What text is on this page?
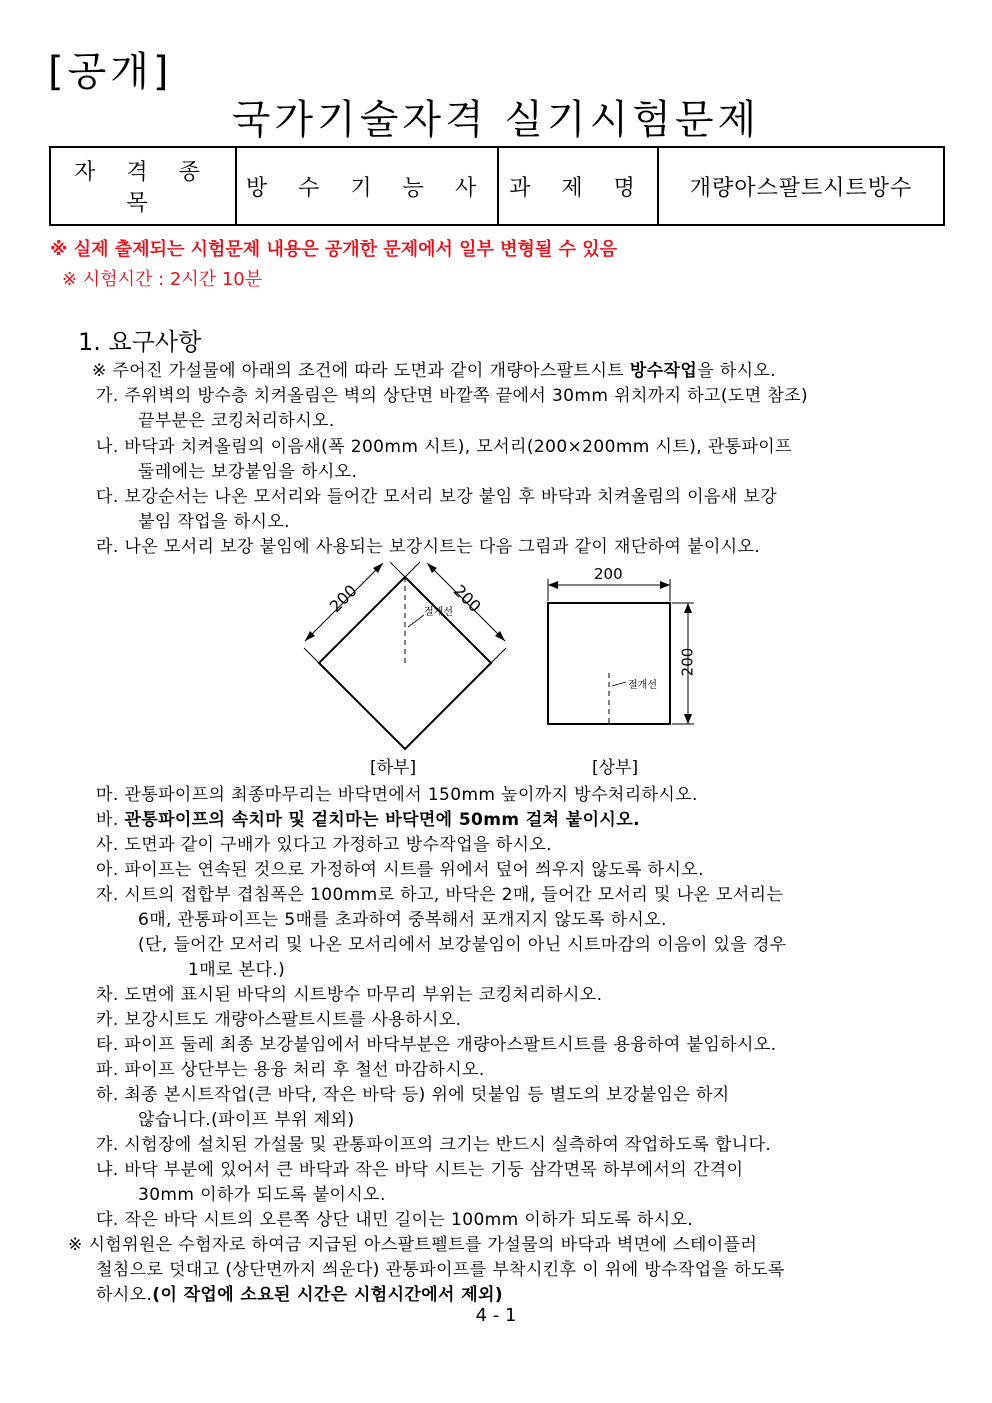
[공개]
국가기술자격 실기시험문제
자 격 종 목	방 수 기 능 사	과 제 명	개량아스팔트시트방수
※ 실제 출제되는 시험문제 내용은 공개한 문제에서 일부 변형될 수 있음
※ 시험시간 : 2시간 10분
1. 요구사항
※ 주어진 가설물에 아래의 조건에 따라 도면과 같이 개량아스팔트시트 방수작업을 하시오.
가. 주위벽의 방수층 치켜올림은 벽의 상단면 바깥쪽 끝에서 30mm 위치까지 하고(도면 참조)
끝부분은 코킹처리하시오.
나. 바닥과 치켜올림의 이음새(폭 200mm 시트), 모서리(200×200mm 시트), 관통파이프
둘레에는 보강붙임을 하시오.
다. 보강순서는 나온 모서리와 들어간 모서리 보강 붙임 후 바닥과 치켜올림의 이음새 보강
붙임 작업을 하시오.
라. 나온 모서리 보강 붙임에 사용되는 보강시트는 다음 그림과 같이 재단하여 붙이시오.
200	200
절개선
200
200
절개선
[하부]	[상부]
마. 관통파이프의 최종마무리는 바닥면에서 150mm 높이까지 방수처리하시오.
바. 관통파이프의 속치마 및 겉치마는 바닥면에 50mm 걸쳐 붙이시오.
사. 도면과 같이 구배가 있다고 가정하고 방수작업을 하시오.
아. 파이프는 연속된 것으로 가정하여 시트를 위에서 덮어 씌우지 않도록 하시오.
자. 시트의 접합부 겹침폭은 100mm로 하고, 바닥은 2매, 들어간 모서리 및 나온 모서리는
6매, 관통파이프는 5매를 초과하여 중복해서 포개지지 않도록 하시오.
(단, 들어간 모서리 및 나온 모서리에서 보강붙임이 아닌 시트마감의 이음이 있을 경우
1매로 본다.)
차. 도면에 표시된 바닥의 시트방수 마무리 부위는 코킹처리하시오.
카. 보강시트도 개량아스팔트시트를 사용하시오.
타. 파이프 둘레 최종 보강붙임에서 바닥부분은 개량아스팔트시트를 용융하여 붙임하시오.
파. 파이프 상단부는 용융 처리 후 철선 마감하시오.
하. 최종 본시트작업(큰 바닥, 작은 바닥 등) 위에 덧붙임 등 별도의 보강붙임은 하지
않습니다.(파이프 부위 제외)
갸. 시험장에 설치된 가설물 및 관통파이프의 크기는 반드시 실측하여 작업하도록 합니다.
냐. 바닥 부분에 있어서 큰 바닥과 작은 바닥 시트는 기둥 삼각면목 하부에서의 간격이
30mm 이하가 되도록 붙이시오.
댜. 작은 바닥 시트의 오른쪽 상단 내민 길이는 100mm 이하가 되도록 하시오.
※ 시험위원은 수험자로 하여금 지급된 아스팔트펠트를 가설물의 바닥과 벽면에 스테이플러
철침으로 덧대고 (상단면까지 씌운다) 관통파이프를 부착시킨후 이 위에 방수작업을 하도록
하시오.(이 작업에 소요된 시간은 시험시간에서 제외)
4 - 1
